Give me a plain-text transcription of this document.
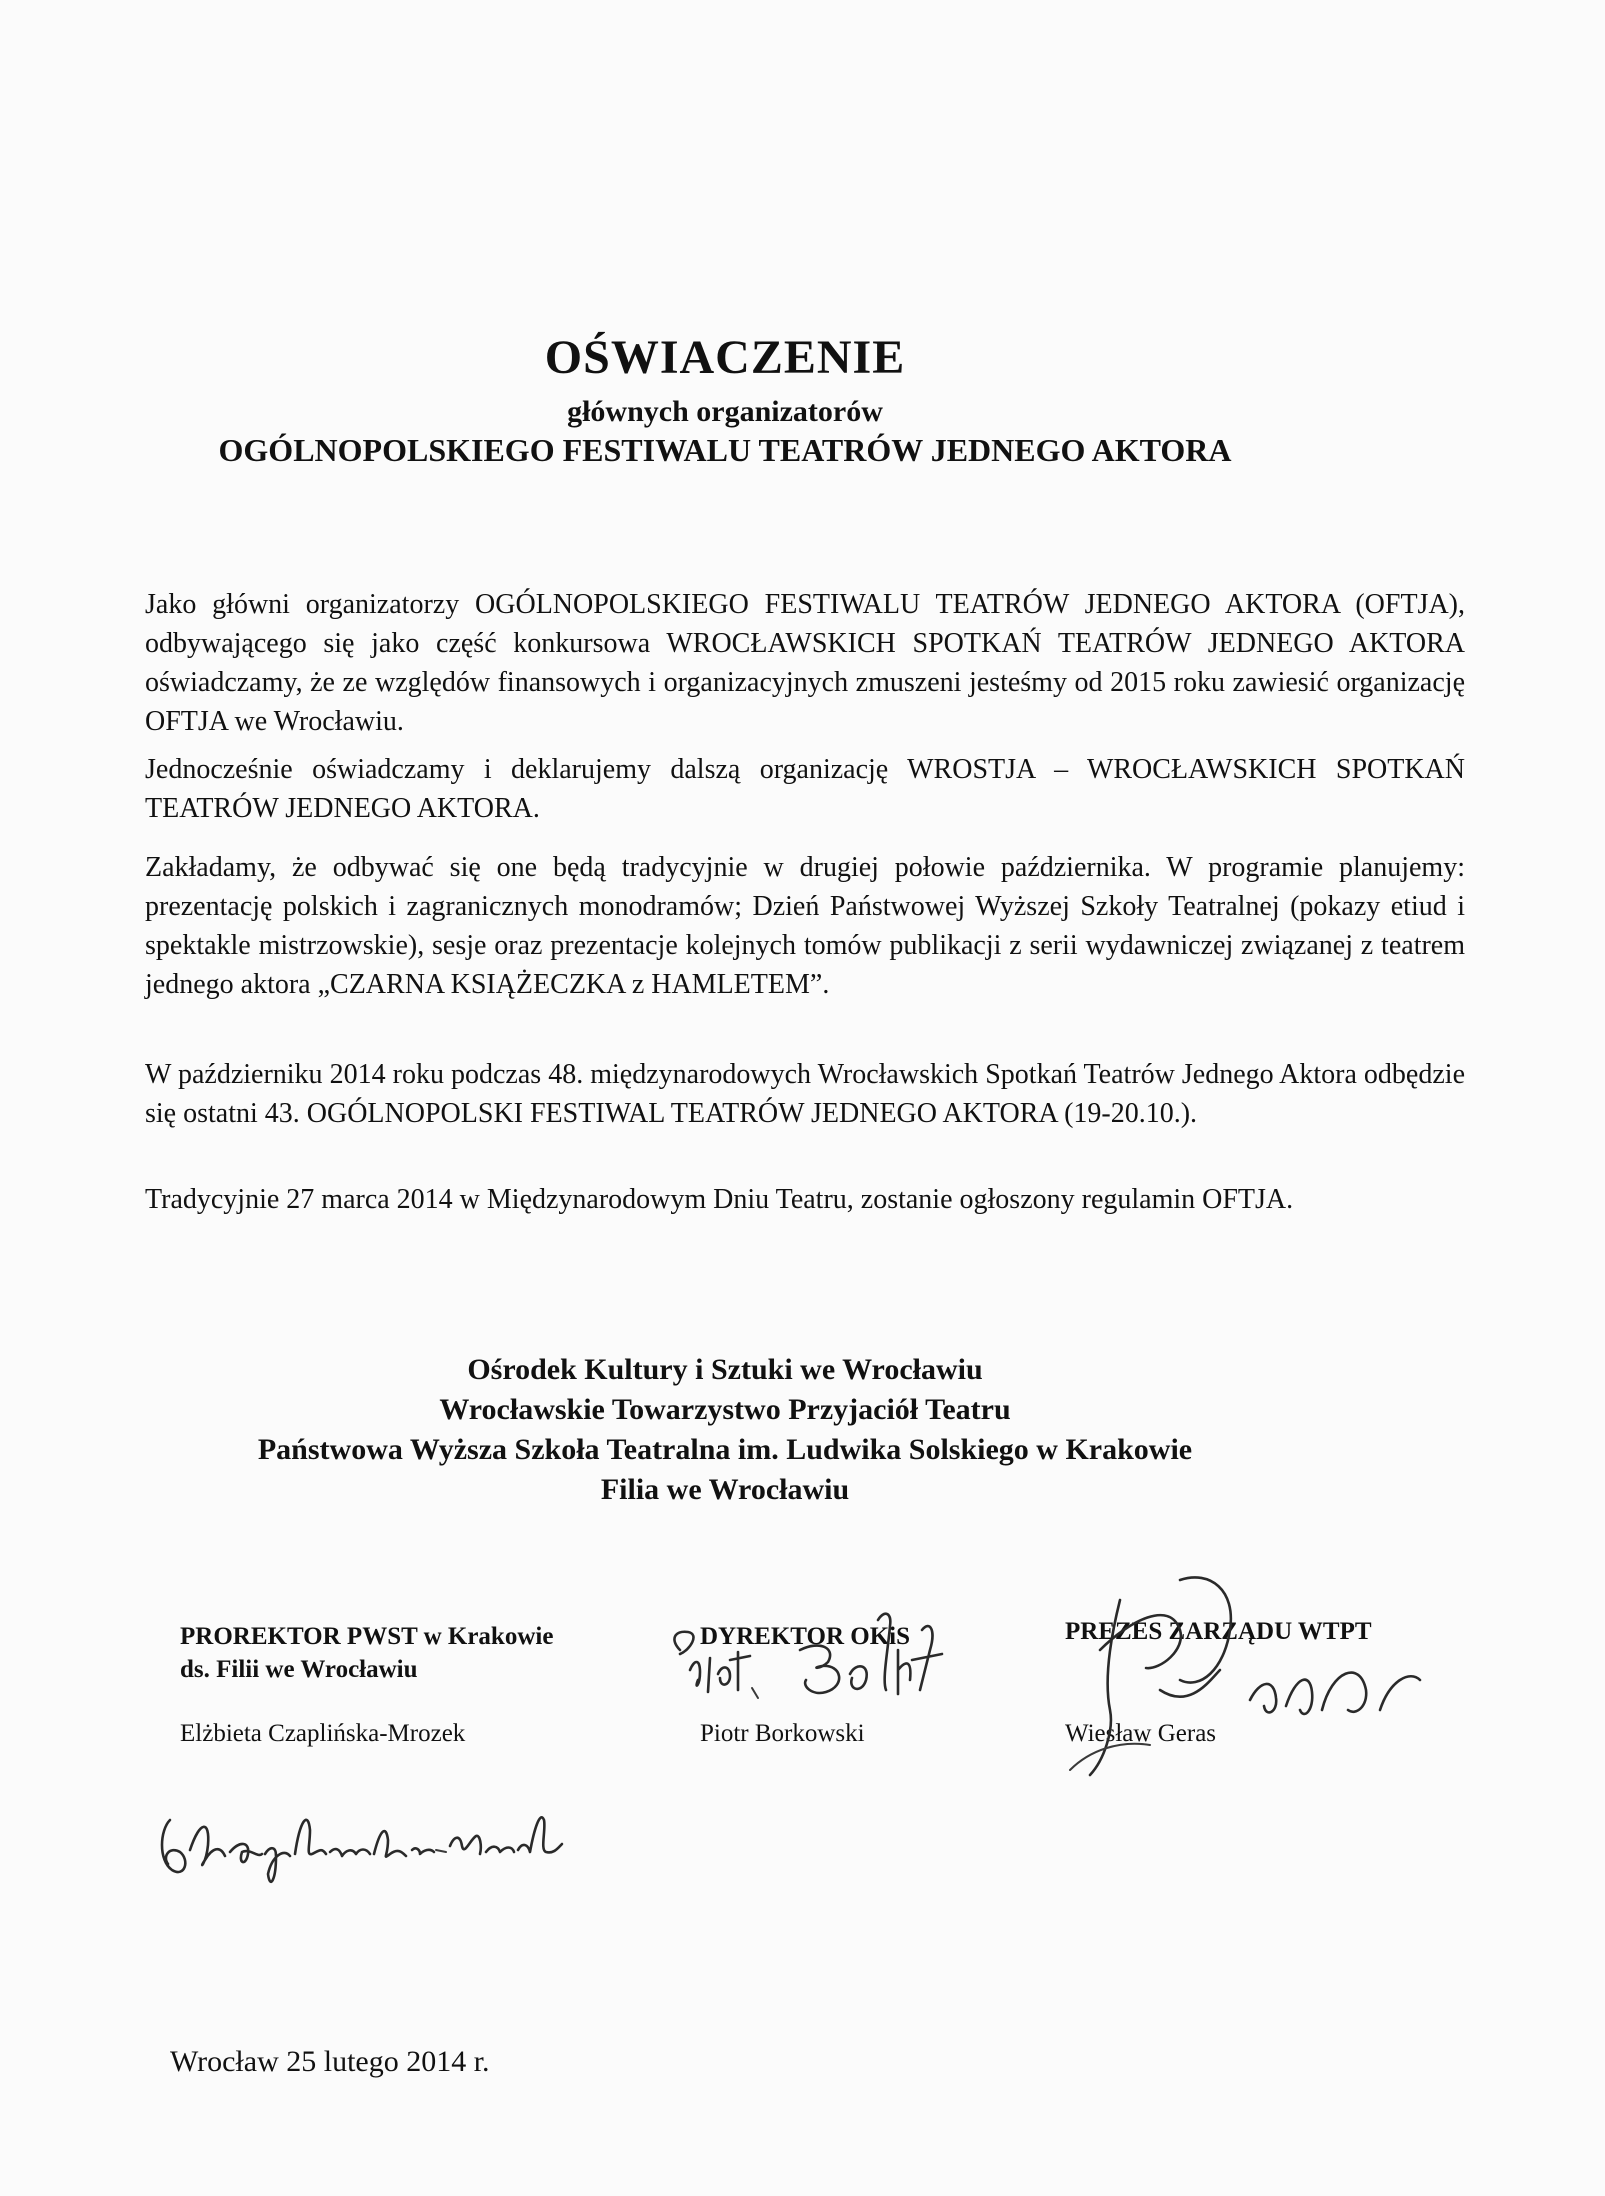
OŚWIACZENIE
głównych organizatorów
OGÓLNOPOLSKIEGO FESTIWALU TEATRÓW JEDNEGO AKTORA
Jako główni organizatorzy OGÓLNOPOLSKIEGO FESTIWALU TEATRÓW JEDNEGO AKTORA (OFTJA), odbywającego się jako część konkursowa WROCŁAWSKICH SPOTKAŃ TEATRÓW JEDNEGO AKTORA oświadczamy, że ze względów finansowych i organizacyjnych zmuszeni jesteśmy od 2015 roku zawiesić organizację OFTJA we Wrocławiu.
Jednocześnie oświadczamy i deklarujemy dalszą organizację WROSTJA – WROCŁAWSKICH SPOTKAŃ TEATRÓW JEDNEGO AKTORA.
Zakładamy, że odbywać się one będą tradycyjnie w drugiej połowie października. W programie planujemy: prezentację polskich i zagranicznych monodramów; Dzień Państwowej Wyższej Szkoły Teatralnej (pokazy etiud i spektakle mistrzowskie), sesje oraz prezentacje kolejnych tomów publikacji z serii wydawniczej związanej z teatrem jednego aktora „CZARNA KSIĄŻECZKA z HAMLETEM”.
W październiku 2014 roku podczas 48. międzynarodowych Wrocławskich Spotkań Teatrów Jednego Aktora odbędzie się ostatni 43. OGÓLNOPOLSKI FESTIWAL TEATRÓW JEDNEGO AKTORA (19-20.10.).
Tradycyjnie 27 marca 2014 w Międzynarodowym Dniu Teatru, zostanie ogłoszony regulamin OFTJA.
Ośrodek Kultury i Sztuki we Wrocławiu
Wrocławskie Towarzystwo Przyjaciół Teatru
Państwowa Wyższa Szkoła Teatralna im. Ludwika Solskiego w Krakowie
Filia we Wrocławiu
PROREKTOR PWST w Krakowie
ds. Filii we Wrocławiu
Elżbieta Czaplińska-Mrozek
DYREKTOR OKiS
Piotr Borkowski
PREZES ZARZĄDU WTPT
Wiesław Geras
Wrocław 25 lutego 2014 r.
